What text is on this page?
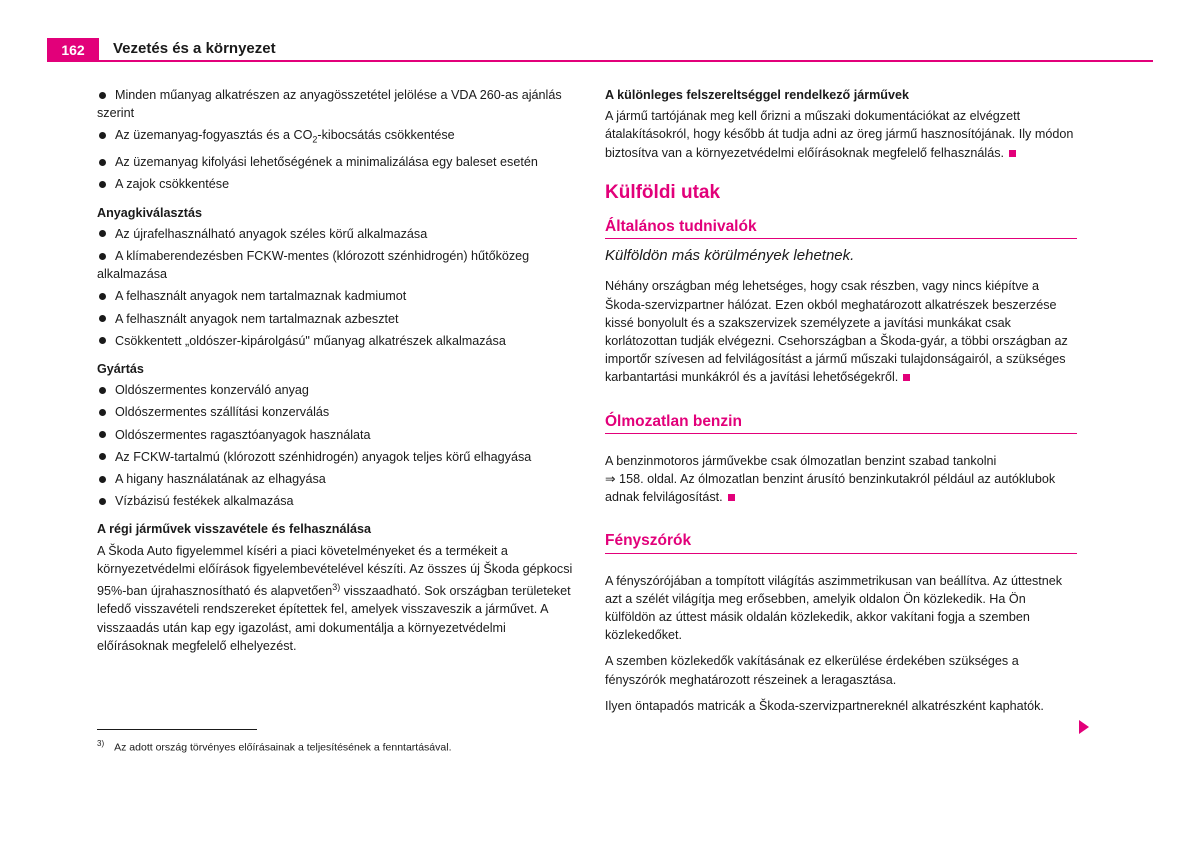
162	Vezetés és a környezet
Minden műanyag alkatrészen az anyagösszetétel jelölése a VDA 260-as ajánlás szerint
Az üzemanyag-fogyasztás és a $CO_2$-kibocsátás csökkentése
Az üzemanyag kifolyási lehetőségének a minimalizálása egy baleset esetén
A zajok csökkentése
Anyagkiválasztás
Az újrafelhasználható anyagok széles körű alkalmazása
A klímaberendezésben FCKW-mentes (klórozott szénhidrogén) hűtőközeg alkalmazása
A felhasznált anyagok nem tartalmaznak kadmiumot
A felhasznált anyagok nem tartalmaznak azbesztet
Csökkentett „oldószer-kipárolgású" műanyag alkatrészek alkalmazása
Gyártás
Oldószermentes konzerváló anyag
Oldószermentes szállítási konzerválás
Oldószermentes ragasztóanyagok használata
Az FCKW-tartalmú (klórozott szénhidrogén) anyagok teljes körű elhagyása
A higany használatának az elhagyása
Vízbázisú festékek alkalmazása
A régi járművek visszavétele és felhasználása

A Škoda Auto figyelemmel kíséri a piaci követelményeket és a termékeit a környezetvédelmi előírások figyelembevételével készíti. Az összes új Škoda gépkocsi 95%-ban újrahasznosítható és alapvetően$^{3)}$ visszaadható. Sok országban területeket lefedő visszavételi rendszereket építettek fel, amelyek visszaveszik a járművet. A visszaadás után kap egy igazolást, ami dokumentálja a környezetvédelmi előírásoknak megfelelő elhelyezést.

$^{3)}$ Az adott ország törvényes előírásainak a teljesítésének a fenntartásával.
A különleges felszereltséggel rendelkező járművek

A jármű tartójának meg kell őrizni a műszaki dokumentációkat az elvégzett átalakításokról, hogy később át tudja adni az öreg jármű hasznosítójának. Ily módon biztosítva van a környezetvédelmi előírásoknak megfelelő felhasználás.

Külföldi utak
Általános tudnivalók
Külföldön más körülmények lehetnek.

Néhány országban még lehetséges, hogy csak részben, vagy nincs kiépítve a Škoda-szervizpartner hálózat. Ezen okból meghatározott alkatrészek beszerzése kissé bonyolult és a szakszervizek személyzete a javítási munkákat csak korlátozottan tudják elvégezni. Csehországban a Škoda-gyár, a többi országban az importőr szívesen ad felvilágosítást a jármű műszaki tulajdonságairól, a szükséges karbantartási munkákról és a javítási lehetőségekről.

Ólmozatlan benzin

A benzinmotoros járművekbe csak ólmozatlan benzint szabad tankolni
⇒ 158. oldal. Az ólmozatlan benzint árusító benzinkutakról például az autóklubok adnak felvilágosítást.

Fényszórók

A fényszórójában a tompított világítás aszimmetrikusan van beállítva. Az úttestnek azt a szélét világítja meg erősebben, amelyik oldalon Ön közlekedik. Ha Ön külföldön az úttest másik oldalán közlekedik, akkor vakítani fogja a szemben közlekedőket.

A szemben közlekedők vakításának ez elkerülése érdekében szükséges a fényszórók meghatározott részeinek a leragasztása.

Ilyen öntapadós matricák a Škoda-szervizpartnereknél alkatrészként kaphatók.
